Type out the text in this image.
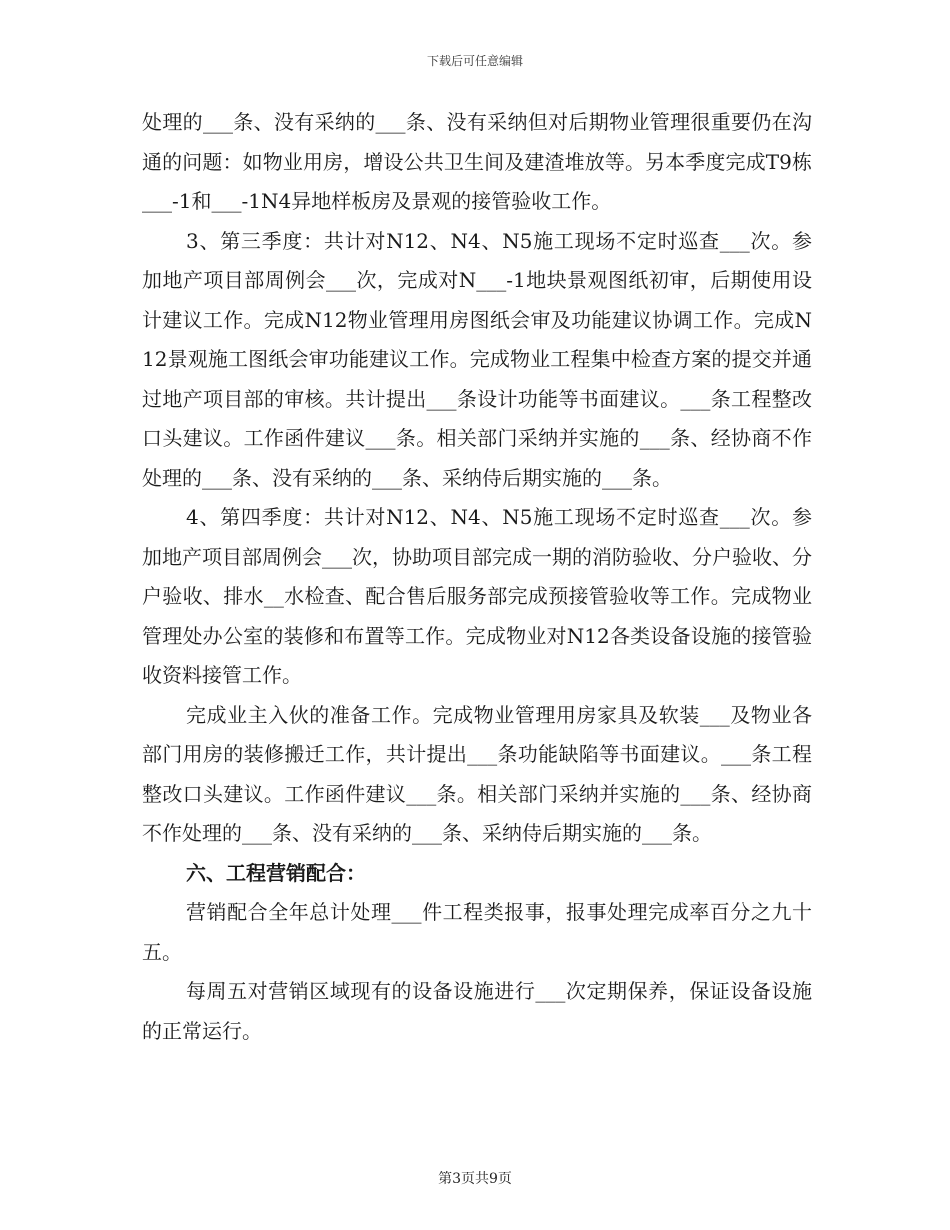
下载后可任意编辑

处理的___条、没有采纳的___条、没有采纳但对后期物业管理很重要仍在沟通的问题：如物业用房，增设公共卫生间及建渣堆放等。另本季度完成T9栋___-1和___-1N4异地样板房及景观的接管验收工作。

3、第三季度：共计对N12、N4、N5施工现场不定时巡查___次。参加地产项目部周例会___次，完成对N___-1地块景观图纸初审，后期使用设计建议工作。完成N12物业管理用房图纸会审及功能建议协调工作。完成N12景观施工图纸会审功能建议工作。完成物业工程集中检查方案的提交并通过地产项目部的审核。共计提出___条设计功能等书面建议。___条工程整改口头建议。工作函件建议___条。相关部门采纳并实施的___条、经协商不作处理的___条、没有采纳的___条、采纳侍后期实施的___条。

4、第四季度：共计对N12、N4、N5施工现场不定时巡查___次。参加地产项目部周例会___次，协助项目部完成一期的消防验收、分户验收、分户验收、排水__水检查、配合售后服务部完成预接管验收等工作。完成物业管理处办公室的装修和布置等工作。完成物业对N12各类设备设施的接管验收资料接管工作。

完成业主入伙的准备工作。完成物业管理用房家具及软装___及物业各部门用房的装修搬迁工作，共计提出___条功能缺陷等书面建议。___条工程整改口头建议。工作函件建议___条。相关部门采纳并实施的___条、经协商不作处理的___条、没有采纳的___条、采纳侍后期实施的___条。

六、工程营销配合：

营销配合全年总计处理___件工程类报事，报事处理完成率百分之九十五。

每周五对营销区域现有的设备设施进行___次定期保养，保证设备设施的正常运行。

第3页共9页
